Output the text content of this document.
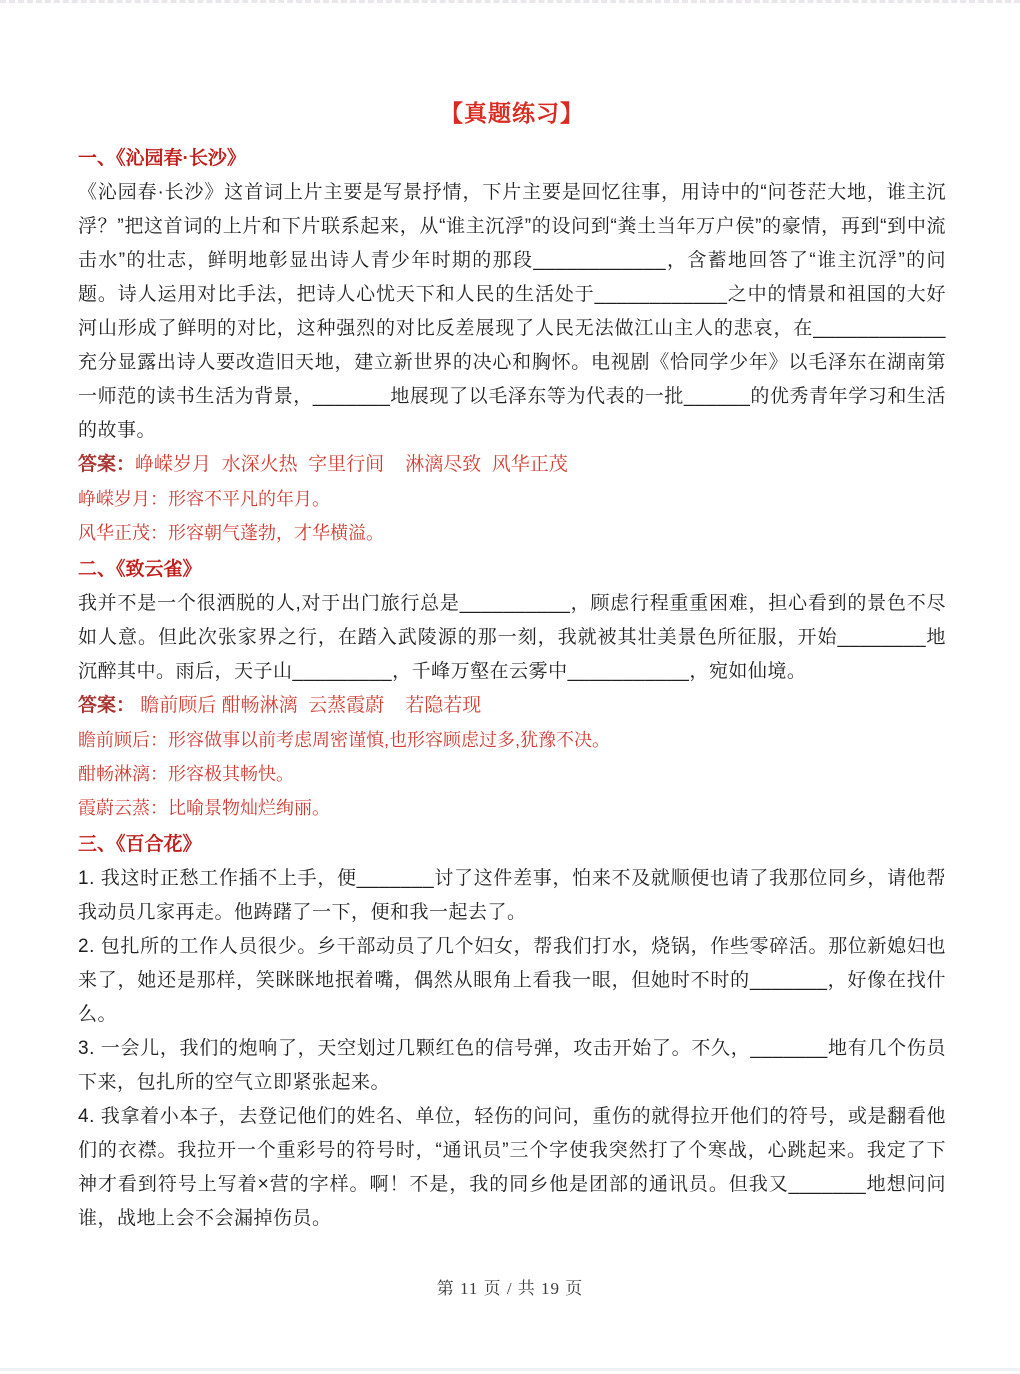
【真题练习】
一、《沁园春·长沙》

《沁园春·长沙》这首词上片主要是写景抒情，下片主要是回忆往事，用诗中的“问苍茫大地，谁主沉浮？”把这首词的上片和下片联系起来，从“谁主沉浮”的设问到“粪土当年万户侯”的豪情，再到“到中流击水”的壮志，鲜明地彰显出诗人青少年时期的那段____________，含蓄地回答了“谁主沉浮”的问题。诗人运用对比手法，把诗人心忧天下和人民的生活处于____________之中的情景和祖国的大好河山形成了鲜明的对比，这种强烈的对比反差展现了人民无法做江山主人的悲哀，在____________充分显露出诗人要改造旧天地，建立新世界的决心和胸怀。电视剧《恰同学少年》以毛泽东在湖南第一师范的读书生活为背景，_______地展现了以毛泽东等为代表的一批______的优秀青年学习和生活的故事。

答案：峥嵘岁月  水深火热  字里行间    淋漓尽致  风华正茂
峥嵘岁月：形容不平凡的年月。
风华正茂：形容朝气蓬勃，才华横溢。
二、《致云雀》

我并不是一个很洒脱的人,对于出门旅行总是__________，顾虑行程重重困难，担心看到的景色不尽如人意。但此次张家界之行，在踏入武陵源的那一刻，我就被其壮美景色所征服，开始________地沉醉其中。雨后，天子山_________，千峰万壑在云雾中___________，宛如仙境。

答案： 瞻前顾后 酣畅淋漓  云蒸霞蔚    若隐若现
瞻前顾后：形容做事以前考虑周密谨慎,也形容顾虑过多,犹豫不决。
酣畅淋漓：形容极其畅快。
霞蔚云蒸：比喻景物灿烂绚丽。
三、《百合花》

1. 我这时正愁工作插不上手，便_______讨了这件差事，怕来不及就顺便也请了我那位同乡，请他帮我动员几家再走。他踌躇了一下，便和我一起去了。

2. 包扎所的工作人员很少。乡干部动员了几个妇女，帮我们打水，烧锅，作些零碎活。那位新媳妇也来了，她还是那样，笑眯眯地抿着嘴，偶然从眼角上看我一眼，但她时不时的_______，好像在找什么。

3. 一会儿，我们的炮响了，天空划过几颗红色的信号弹，攻击开始了。不久，_______地有几个伤员下来，包扎所的空气立即紧张起来。

4. 我拿着小本子，去登记他们的姓名、单位，轻伤的问问，重伤的就得拉开他们的符号，或是翻看他们的衣襟。我拉开一个重彩号的符号时，“通讯员”三个字使我突然打了个寒战，心跳起来。我定了下神才看到符号上写着×营的字样。啊！不是，我的同乡他是团部的通讯员。但我又_______地想问问谁，战地上会不会漏掉伤员。

第 11 页 / 共 19 页
